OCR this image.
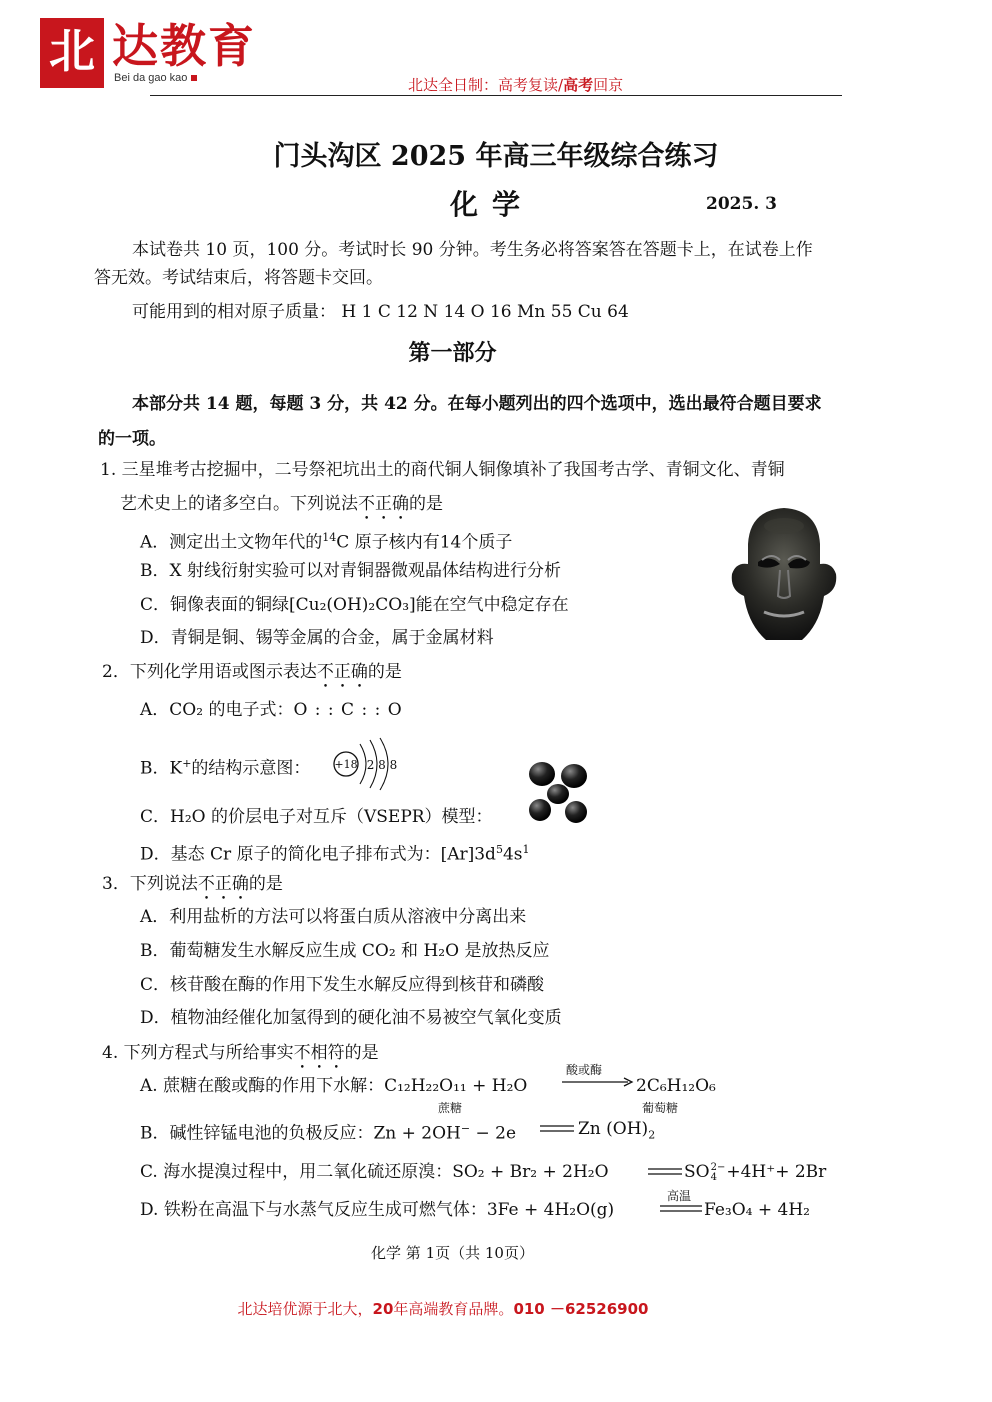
北 达教育
Bei da gao kao	北达全日制：高考复读/高考回京
门头沟区 2025 年高三年级综合练习
化学	2025. 3
本试卷共 10 页，100 分。考试时长 90 分钟。考生务必将答案答在答题卡上，在试卷上作
答无效。考试结束后，将答题卡交回。
可能用到的相对原子质量： H 1 C 12 N 14 O 16 Mn 55 Cu 64
第一部分
本部分共 14 题，每题 3 分，共 42 分。在每小题列出的四个选项中，选出最符合题目要求
的一项。
1. 三星堆考古挖掘中，二号祭祀坑出土的商代铜人铜像填补了我国考古学、青铜文化、青铜
艺术史上的诸多空白。下列说法不正确的是
A．测定出土文物年代的$^{14}$C 原子核内有14个质子
B．X 射线衍射实验可以对青铜器微观晶体结构进行分析
C．铜像表面的铜绿[Cu₂(OH)₂CO₃]能在空气中稳定存在
D．青铜是铜、锡等金属的合金，属于金属材料
2．下列化学用语或图示表达不正确的是
A．CO₂ 的电子式：O : : C : : O
B．K+的结构示意图： +18 2 8 8
C．H₂O 的价层电子对互斥（VSEPR）模型：
D．基态 Cr 原子的简化电子排布式为：$[Ar]3d^54s^1$
3．下列说法不正确的是
A．利用盐析的方法可以将蛋白质从溶液中分离出来
B．葡萄糖发生水解反应生成 CO₂ 和 H₂O 是放热反应
C．核苷酸在酶的作用下发生水解反应得到核苷和磷酸
D．植物油经催化加氢得到的硬化油不易被空气氧化变质
4. 下列方程式与所给事实不相符的是
A. 蔗糖在酸或酶的作用下水解：C₁₂H₂₂O₁₁ + H₂O
酸或酶
2C₆H₁₂O₆
蔗糖	葡萄糖
B．碱性锌锰电池的负极反应：Zn + 2OH− − 2e	Zn $(OH)_2$
C. 海水提溴过程中，用二氧化硫还原溴：SO₂ + Br₂ + 2H₂O	SO2−
4 +4H⁺+ 2Br
D. 铁粉在高温下与水蒸气反应生成可燃气体：3Fe + 4H₂O(g)
高温
Fe₃O₄ + 4H₂
化学 第 1页（共 10页）
北达培优源于北大，20年高端教育品牌。010 －62526900
